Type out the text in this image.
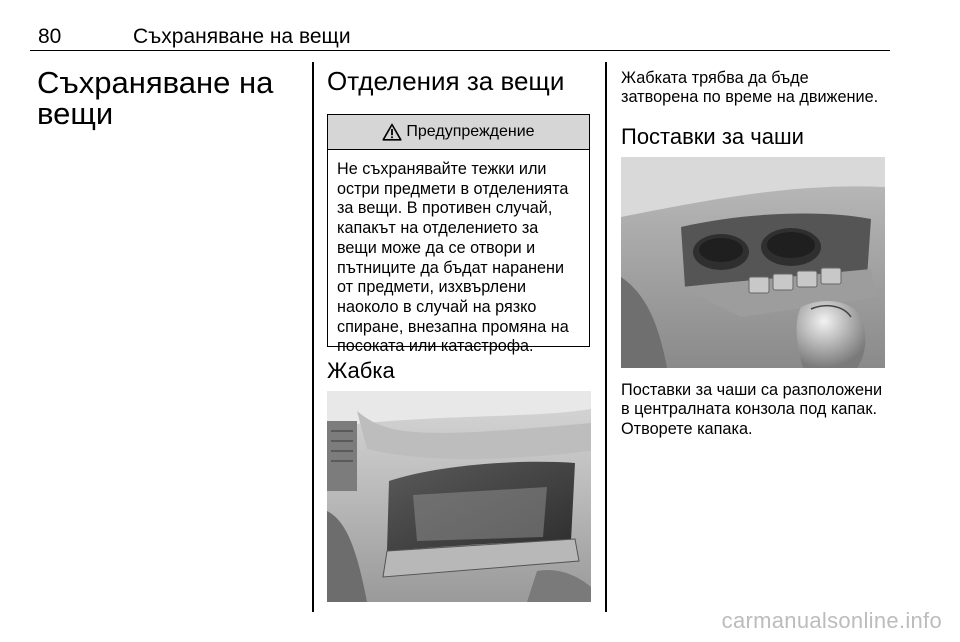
80	Съхраняване на вещи
Съхраняване на вещи
Отделения за вещи
Предупреждение
Не съхранявайте тежки или остри предмети в отделенията за вещи. В противен случай, капакът на отделението за вещи може да се отвори и пътниците да бъдат наранени от предмети, изхвърлени наоколо в случай на рязко спиране, внезапна промяна на посоката или катастрофа.
Жабка
Жабката трябва да бъде затворена по време на движение.
Поставки за чаши
Поставки за чаши са разположени в централната конзола под капак. Отворете капака.
carmanualsonline.info
